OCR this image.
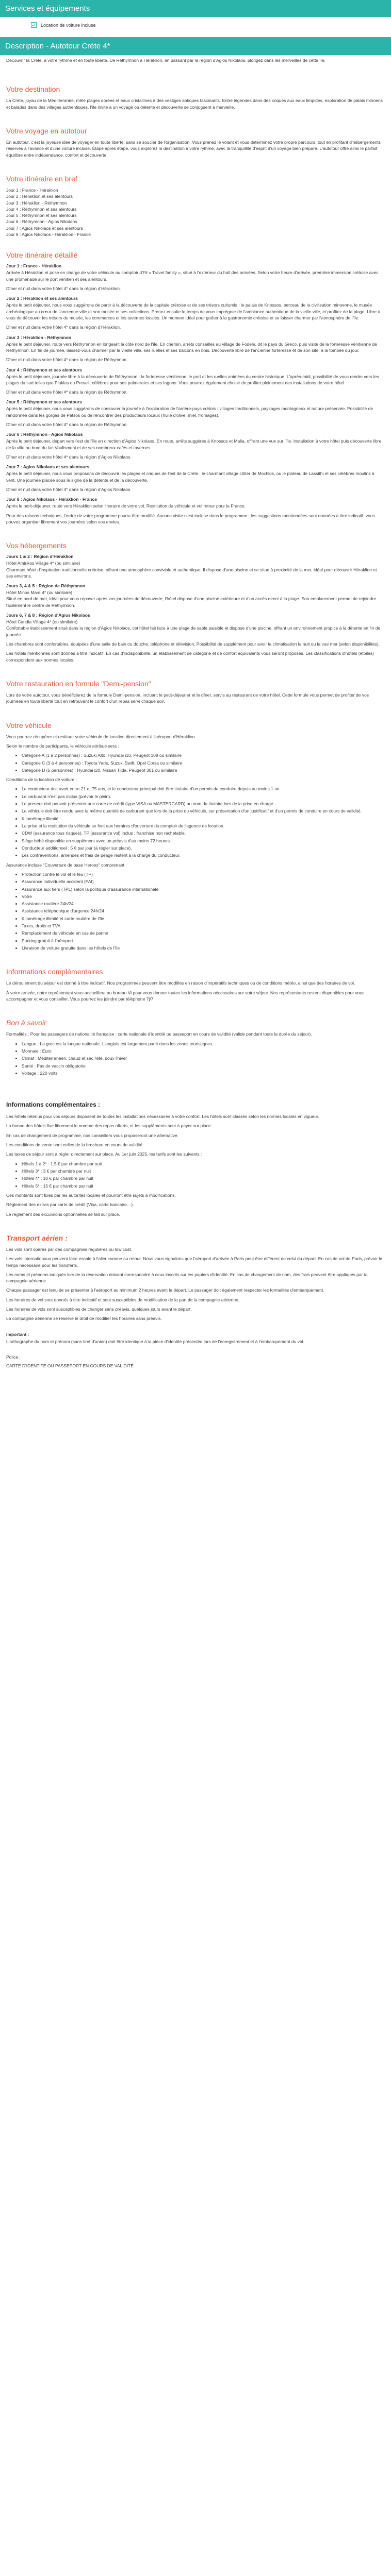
Services et équipements
Location de voiture incluse
Description - Autotour Crète 4*

Découvrir la Crète, à votre rythme et en toute liberté. De Réthymnon à Héraklion, en passant par la région d'Agios Nikolaos, plongez dans les merveilles de cette île.

Votre destination

La Crète, joyau de la Méditerranée, mêle plages dorées et eaux cristallines à des vestiges antiques fascinants. Entre légendes dans des criques aux eaux limpides, exploration de palais minoens et balades dans des villages authentiques, l'île invite à un voyage où détente et découverte se conjuguent à merveille.

Votre voyage en autotour

En autotour, c'est la joyeuse idée de voyager en toute liberté, sans se soucier de l'organisation. Vous prenez le volant et vous déterminez votre propre parcours, tout en profitant d'hébergements réservés à l'avance et d'une voiture incluse. Étape après étape, vous explorez la destination à votre rythme, avec la tranquillité d'esprit d'un voyage bien préparé. L'autotour offre ainsi le parfait équilibre entre indépendance, confort et découverte.

Votre itinéraire en bref

Jour 1 : France - Héraklion

Jour 2 : Héraklion et ses alentours

Jour 3 : Héraklion - Réthymnon

Jour 4 : Réthymnon et ses alentours

Jour 5 : Réthymnon et ses alentours

Jour 6 : Réthymnon - Agios Nikolaos

Jour 7 : Agios Nikolaos et ses alentours

Jour 8 : Agios Nikolaos - Héraklion - France

Votre itinéraire détaillé
Jour 1 : France - Héraklion

Arrivée à Héraklion et prise en charge de votre véhicule au comptoir d'Fil « Travel family », situé à l'extérieur du hall des arrivées. Selon votre heure d'arrivée, première immersion crétoise avec une promenade sur le port vénitien et ses alentours.

Dîner et nuit dans votre hôtel 4* dans la région d'Héraklion.

Jour 2 : Héraklion et ses alentours

Après le petit déjeuner, nous vous suggérons de partir à la découverte de la capitale crétoise et de ses trésors culturels : le palais de Knossos, berceau de la civilisation minoenne, le musée archéologique au cœur de l'ancienne ville et son musée et ses collections. Prenez ensuite le temps de vous imprégner de l'ambiance authentique de la vieille ville, et profitez de la plage. Libre à vous de découvrir les trésors du musée, les commerces et les tavernes locales. Un moment idéal pour goûter à la gastronomie crétoise et se laisser charmer par l'atmosphère de l'île.

Dîner et nuit dans votre hôtel 4* dans la région d'Héraklion.

Jour 3 : Héraklion - Réthymnon

Après le petit déjeuner, route vers Réthymnon en longeant la côte nord de l'île. En chemin, arrêts conseillés au village de Fodele, dit le pays du Greco, puis visite de la forteresse vénitienne de Réthymnon. En fin de journée, laissez-vous charmer par la vieille ville, ses ruelles et ses balcons en bois. Découverte libre de l'ancienne forteresse et de son site, à la tombée du jour.

Dîner et nuit dans votre hôtel 4* dans la région de Réthymnon.

Jour 4 : Réthymnon et ses alentours

Après le petit déjeuner, journée libre à la découverte de Réthymnon : la forteresse vénitienne, le port et les ruelles animées du centre historique. L'après-midi, possibilité de vous rendre vers les plages du sud telles que Plakias ou Preveli, célèbres pour ses palmeraies et ses lagons. Vous pourrez également choisir de profiter pleinement des installations de votre hôtel.

Dîner et nuit dans votre hôtel 4* dans la région de Réthymnon.

Jour 5 : Réthymnon et ses alentours

Après le petit déjeuner, nous vous suggérons de consacrer la journée à l'exploration de l'arrière-pays crétois : villages traditionnels, paysages montagneux et nature préservée. Possibilité de randonnée dans les gorges de Patsos ou de rencontrer des producteurs locaux (huile d'olive, miel, fromages).

Dîner et nuit dans votre hôtel 4* dans la région de Réthymnon.

Jour 6 : Réthymnon - Agios Nikolaos

Après le petit déjeuner, départ vers l'est de l'île en direction d'Agios Nikolaos. En route, arrêts suggérés à Knossos et Malia, offrant une vue sur l'île. Installation à votre hôtel puis découverte libre de la ville au bord du lac Voulismeni et de ses nombreux cafés et tavernes.

Dîner et nuit dans votre hôtel 4* dans la région d'Agios Nikolaos.

Jour 7 : Agios Nikolaos et ses alentours

Après le petit déjeuner, nous vous proposons de découvrir les plages et criques de l'est de la Crète : le charmant village côtier de Mochlos, ou le plateau de Lassithi et ses célèbres moulins à vent. Une journée placée sous le signe de la détente et de la découverte.

Dîner et nuit dans votre hôtel 4* dans la région d'Agios Nikolaos.

Jour 8 : Agios Nikolaos - Héraklion - France

Après le petit-déjeuner, route vers Héraklion selon l'horaire de votre vol. Restitution du véhicule et vol retour pour la France.

Pour des raisons techniques, l'ordre de votre programme pourra être modifié. Aucune visite n'est incluse dans le programme ; les suggestions mentionnées sont données à titre indicatif, vous pouvez organiser librement vos journées selon vos envies.

Vos hébergements
Jours 1 & 2 : Région d'Héraklion

Hôtel Amirikos Village 4* (ou similaire)

Charmant hôtel d'inspiration traditionnelle crétoise, offrant une atmosphère conviviale et authentique. Il dispose d'une piscine et se situe à proximité de la mer, idéal pour découvrir Héraklion et ses environs.

Jours 3, 4 & 5 : Région de Réthymnon

Hôtel Minos Mare 4* (ou similaire)

Situé en bord de mer, idéal pour vous reposer après vos journées de découverte, l'hôtel dispose d'une piscine extérieure et d'un accès direct à la plage. Son emplacement permet de rejoindre facilement le centre de Réthymnon.

Jours 6, 7 & 8 : Région d'Agios Nikolaos

Hôtel Candia Village 4* (ou similaire)

Confortable établissement situé dans la région d'Agios Nikolaos, cet hôtel fait face à une plage de sable paisible et dispose d'une piscine, offrant un environnement propice à la détente en fin de journée.

Les chambres sont confortables, équipées d'une salle de bain ou douche, téléphone et télévision. Possibilité de supplément pour avoir la climatisation la nuit ou la vue mer (selon disponibilités).

Les hôtels mentionnés sont donnés à titre indicatif. En cas d'indisponibilité, un établissement de catégorie et de confort équivalents vous seront proposés. Les classifications d'hôtels (étoiles) correspondent aux normes locales.

Votre restauration en formule "Demi-pension"

Lors de votre autotour, vous bénéficierez de la formule Demi-pension, incluant le petit-déjeuner et le dîner, servis au restaurant de votre hôtel. Cette formule vous permet de profiter de vos journées en toute liberté tout en retrouvant le confort d'un repas servi chaque soir.

Votre véhicule

Vous pourrez récupérer et restituer votre véhicule de location directement à l'aéroport d'Héraklion.

Selon le nombre de participants, le véhicule attribué sera :

• Catégorie A (1 à 2 personnes) : Suzuki Alto, Hyundai i10, Peugeot 108 ou similaire
• Catégorie C (3 à 4 personnes) : Toyota Yaris, Suzuki Swift, Opel Corsa ou similaire
• Catégorie D (5 personnes) : Hyundai i20, Nissan Tiida, Peugeot 301 ou similaire

Conditions de la location de voiture :

• Le conducteur doit avoir entre 21 et 75 ans, et le conducteur principal doit être titulaire d'un permis de conduire depuis au moins 1 an.
• Le carburant n'est pas inclus (prévoir le plein).
• Le preneur doit pouvoir présenter une carte de crédit (type VISA ou MASTERCARD) au nom du titulaire lors de la prise en charge.
• Le véhicule doit être rendu avec la même quantité de carburant que lors de la prise du véhicule, sur présentation d'un justificatif et d'un permis de conduire en cours de validité.
• Kilométrage illimité.
• La prise et la restitution du véhicule se font aux horaires d'ouverture du comptoir de l'agence de location.
• CDW (assurance tous risques), TP (assurance vol) inclus : franchise non rachetable.
• Siège bébé disponible en supplément avec un préavis d'au moins 72 heures.
• Conducteur additionnel : 5 € par jour (à régler sur place).
• Les contraventions, amendes et frais de péage restent à la charge du conducteur.

Assurance incluse "Couverture de base Heroes" comprenant :

• Protection contre le vol et le feu (TP)
• Assurance individuelle accident (PAI)
• Assurance aux tiers (TPL) selon la politique d'assurance internationale
• Votre
• Assistance routière 24h/24
• Assistance téléphonique d'urgence 24h/24
• Kilométrage illimité et carte routière de l'île
• Taxes, droits et TVA
• Remplacement du véhicule en cas de panne
• Parking gratuit à l'aéroport
• Livraison de voiture gratuite dans les hôtels de l'île
Informations complémentaires

Le déroulement du séjour est donné à titre indicatif. Nos programmes peuvent être modifiés en raison d'impératifs techniques ou de conditions météo, ainsi que des horaires de vol.

À votre arrivée, notre représentant vous accueillera au bureau Vi pour vous donner toutes les informations nécessaires sur votre séjour. Nos représentants restent disponibles pour vous accompagner et vous conseiller. Vous pourrez les joindre par téléphone 7j/7.

Bon à savoir

Formalités : Pour les passagers de nationalité française : carte nationale d'identité ou passeport en cours de validité (valide pendant toute la durée du séjour).

• Langue : La grec est la langue nationale. L'anglais est largement parlé dans les zones touristiques.
• Monnaie : Euro
• Climat : Méditerranéen, chaud et sec l'été, doux l'hiver
• Santé : Pas de vaccin obligatoire
• Voltage : 220 volts
Informations complémentaires :

Les hôtels retenus pour vos séjours disposent de toutes les installations nécessaires à votre confort. Les hôtels sont classés selon les normes locales en vigueur.

La bonne des hôtels fixe librement le nombre des repas offerts, et les suppléments sont à payer sur place.

En cas de changement de programme, nos conseillers vous proposeront une alternative.

Les conditions de vente sont celles de la brochure en cours de validité.

Les taxes de séjour sont à régler directement sur place. Au 1er juin 2025, les tarifs sont les suivants :

• Hôtels 1 à 2* : 1.5 € par chambre par nuit
• Hôtels 3* : 3 € par chambre par nuit
• Hôtels 4* : 10 € par chambre par nuit
• Hôtels 5* : 15 € par chambre par nuit

Ces montants sont fixés par les autorités locales et pourront être sujets à modifications.

Règlement des extras par carte de crédit (Visa, carte bancaire…).

Le règlement des excursions optionnelles se fait sur place.

Transport aérien :

Les vols sont opérés par des compagnies régulières ou low cost.

Les vols internationaux peuvent faire escale à l'aller comme au retour. Nous vous signalons que l'aéroport d'arrivée à Paris peut être différent de celui du départ. En cas de vol de Paris, prévoir le temps nécessaire pour les transferts.

Les noms et prénoms indiqués lors de la réservation doivent correspondre à ceux inscrits sur les papiers d'identité. En cas de changement de nom, des frais peuvent être appliqués par la compagnie aérienne.

Chaque passager est tenu de se présenter à l'aéroport au minimum 2 heures avant le départ. Le passager doit également respecter les formalités d'embarquement.

Les horaires de vol sont donnés à titre indicatif et sont susceptibles de modification de la part de la compagnie aérienne.

Les horaires de vols sont susceptibles de changer sans préavis, quelques jours avant le départ.

La compagnie aérienne se réserve le droit de modifier les horaires sans préavis.

Important :

L'orthographe du nom et prénom (sans tiret d'union) doit être identique à la pièce d'identité présentée lors de l'enregistrement et à l'embarquement du vol.

Police :

CARTE D'IDENTITÉ OU PASSEPORT EN COURS DE VALIDITÉ
